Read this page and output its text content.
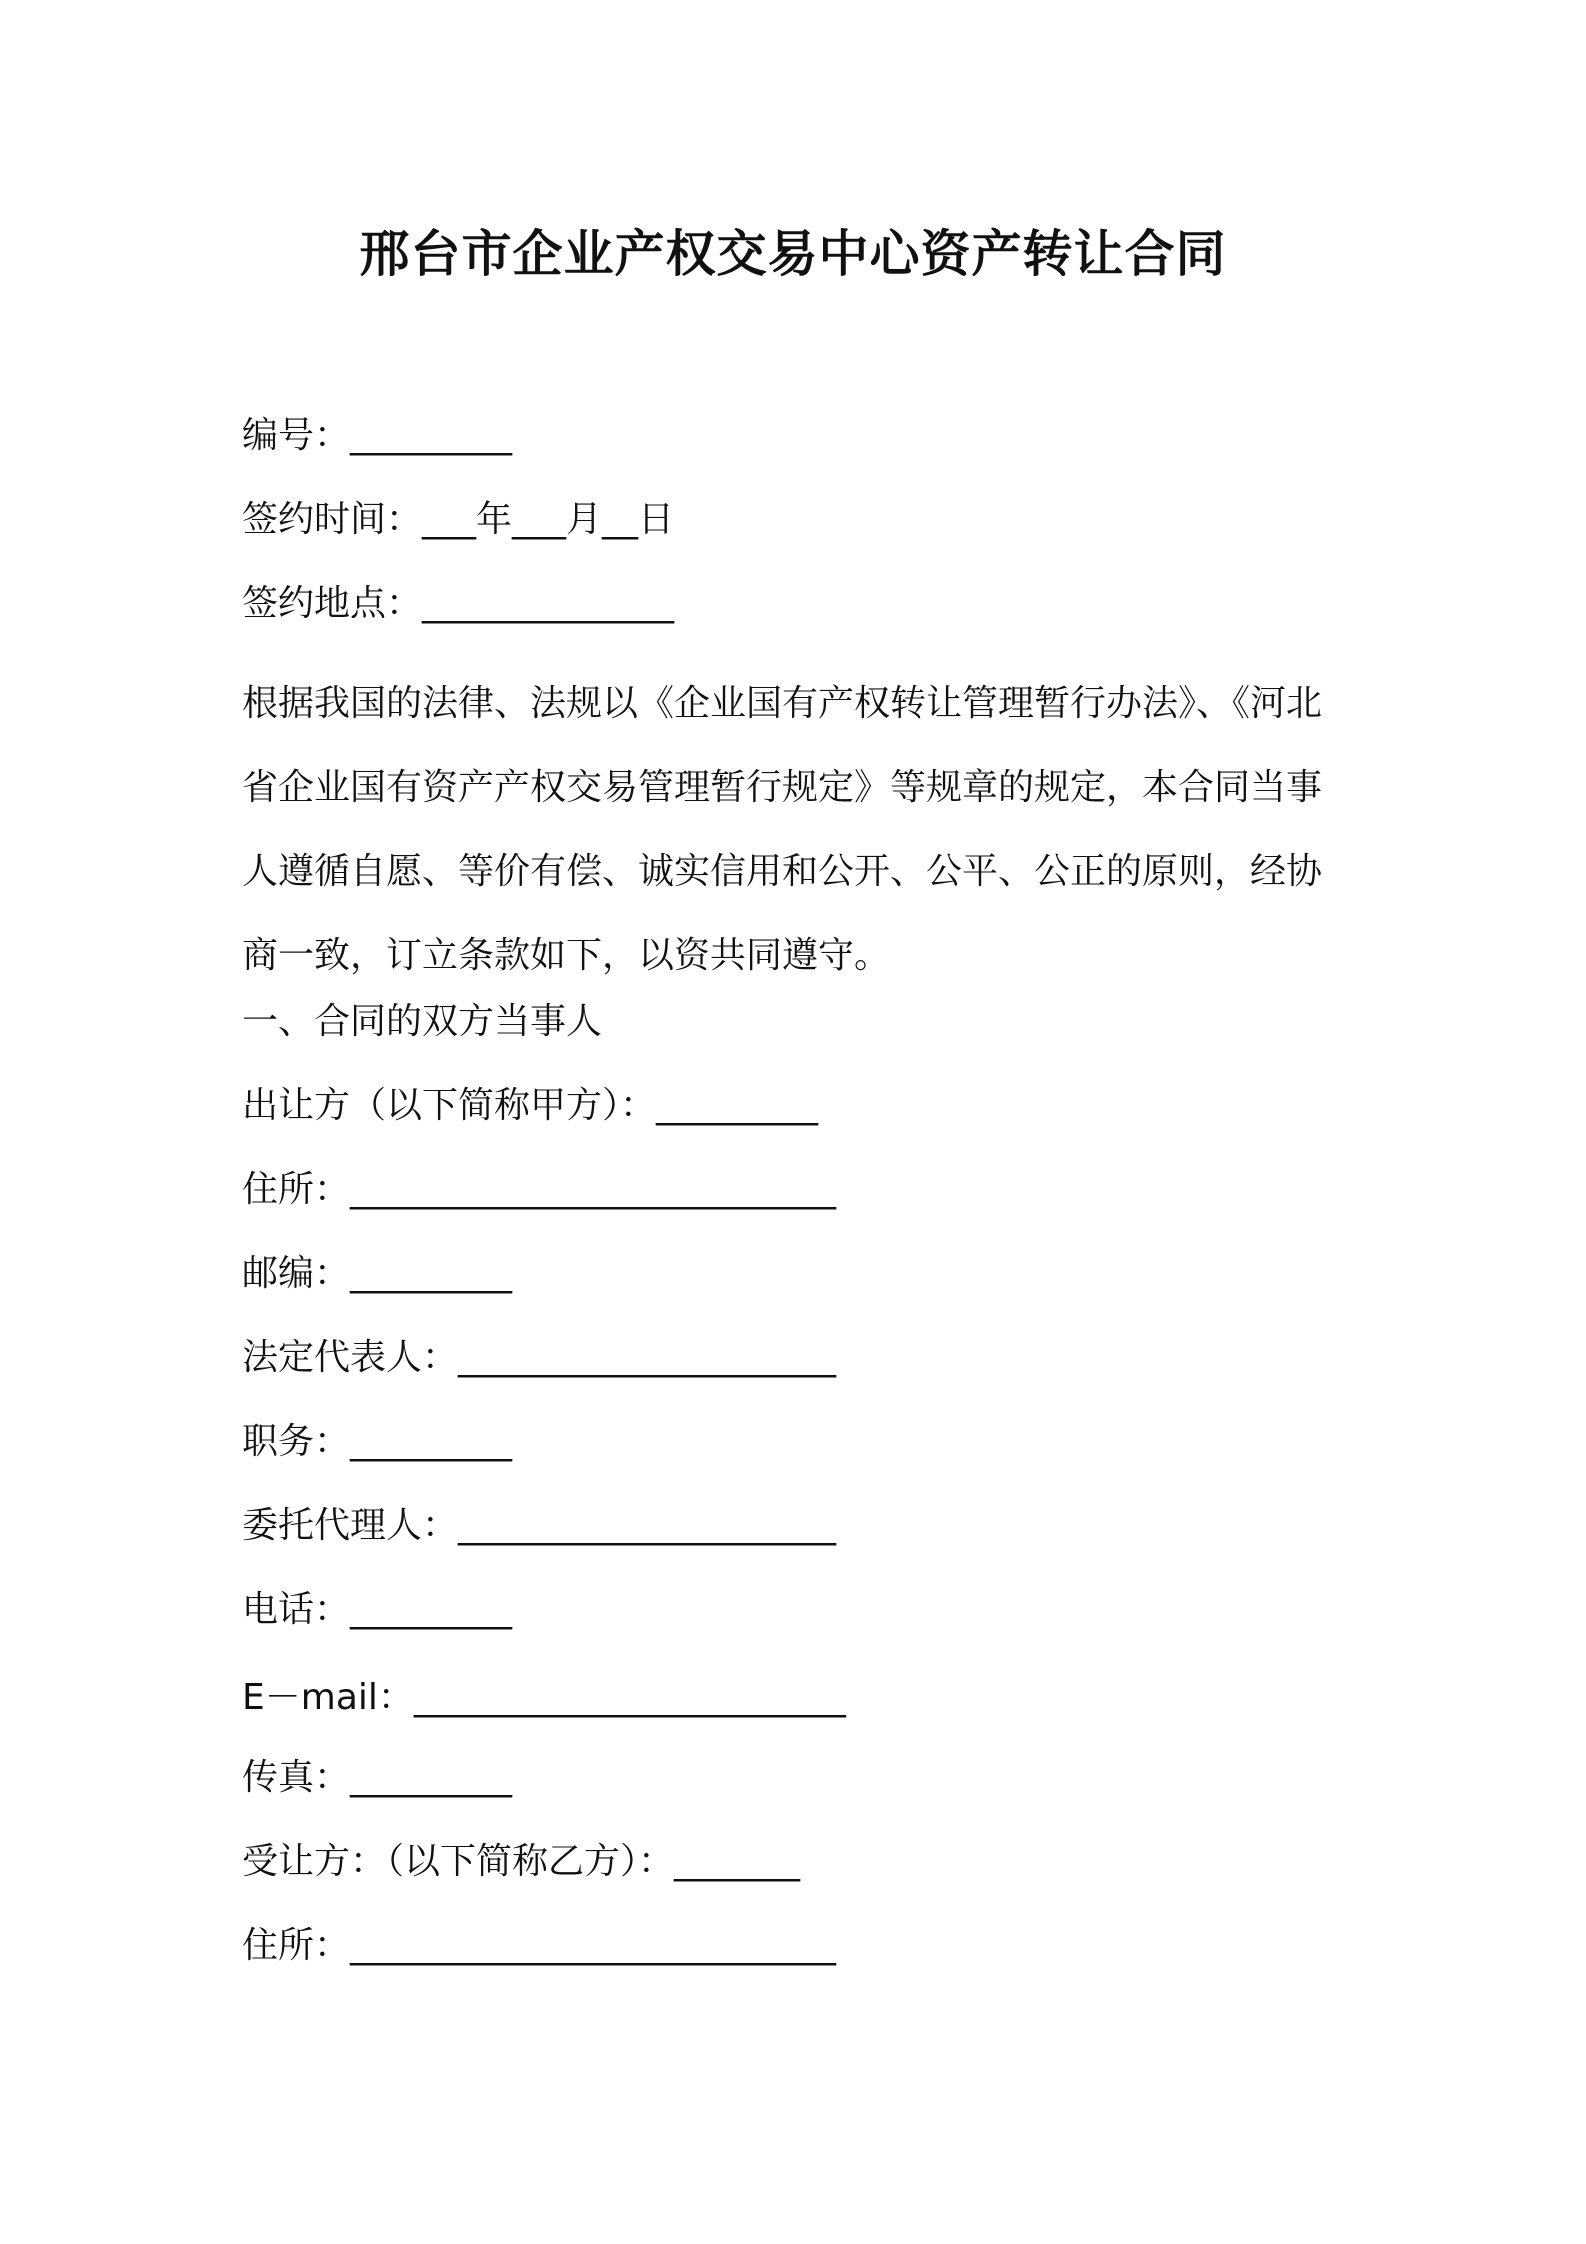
邢台市企业产权交易中心资产转让合同
编号：_________
签约时间：___年___月__日
签约地点：______________
根据我国的法律、法规以《企业国有产权转让管理暂行办法》、《河北
省企业国有资产产权交易管理暂行规定》等规章的规定，本合同当事
人遵循自愿、等价有偿、诚实信用和公开、公平、公正的原则，经协
商一致，订立条款如下，以资共同遵守。
一、合同的双方当事人
出让方（以下简称甲方）：_________
住所：___________________________
邮编：_________
法定代表人：_____________________
职务：_________
委托代理人：_____________________
电话：_________
E－mail：________________________
传真：_________
受让方：（以下简称乙方）：_______
住所：___________________________
